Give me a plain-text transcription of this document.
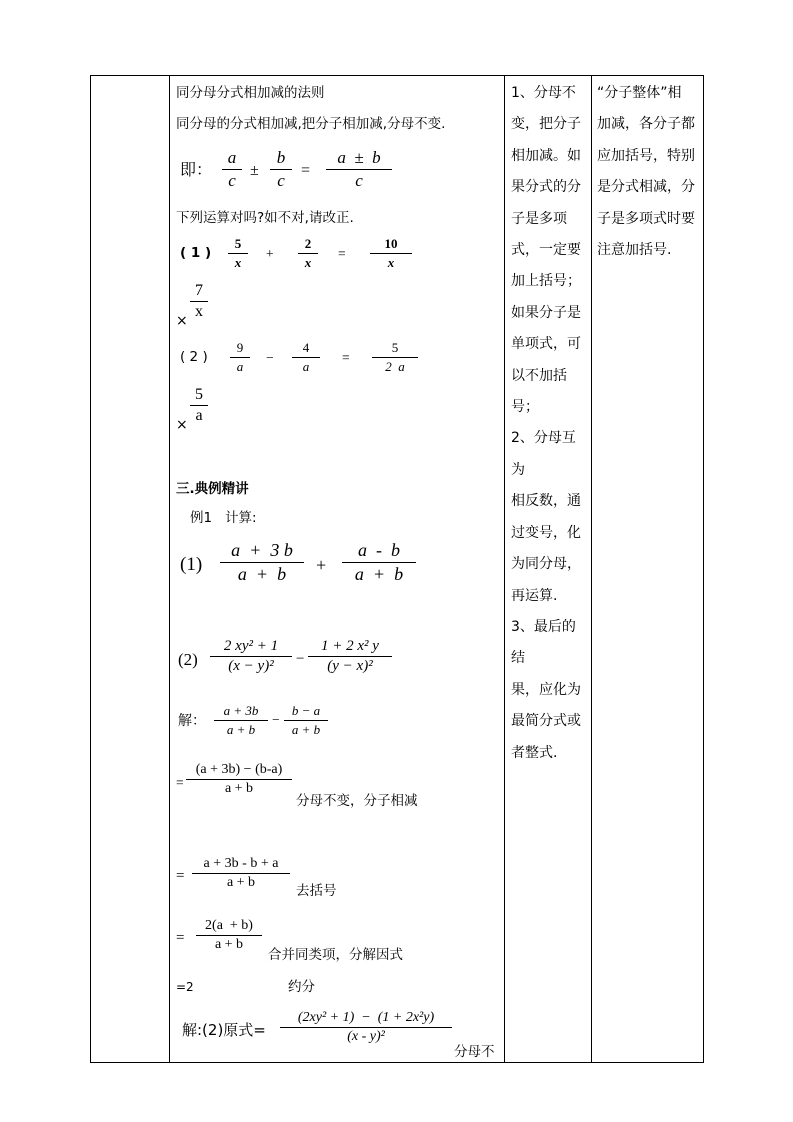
同分母分式相加减的法则
同分母的分式相加减,把分子相加减,分母不变.
即：
a
c
±
b
c
=
a  ±  b
c
下列运算对吗?如不对,请改正.
( 1 )
5
x
+
2
x
=
10
x
×
7
x
( 2 )
9
a
−
4
a
=
5
2  a
×
5
a
三.典例精讲
例1   计算:
(1)
a  +  3 b
a  +  b	+
a  -  b
a  +  b
(2)
2 xy² + 1
(x − y)²	−
1 + 2 x² y
(y − x)²
解：
a + 3b
a + b
−
b − a
a + b
=
(a + 3b) − (b-a)
a + b
分母不变，分子相减
=
a + 3b - b + a
a + b
去括号
=
2(a  + b)
a + b
合并同类项，分解因式
=2	约分
解:(2)原式=
(2xy² + 1)  −  (1 + 2x²y)
(x - y)²
分母不

1、分母不

变，把分子

相加减。如

果分式的分

子是多项

式，一定要

加上括号；

如果分子是

单项式，可

以不加括

号；

2、分母互为

相反数，通

过变号，化

为同分母，

再运算.

3、最后的结

果，应化为

最简分式或

者整式.

“分子整体”相

加减，各分子都

应加括号，特别

是分式相减，分

子是多项式时要

注意加括号.
